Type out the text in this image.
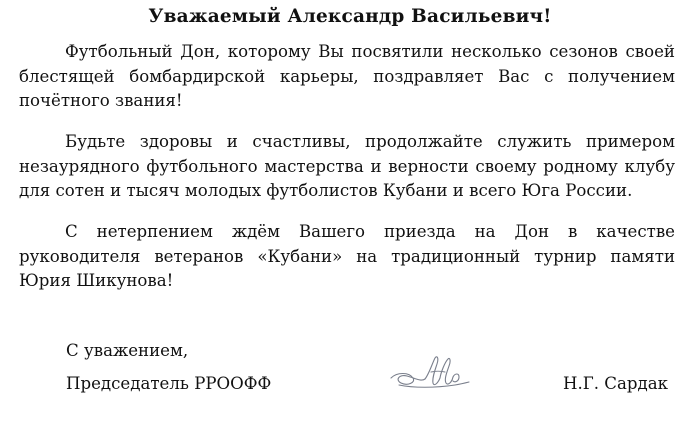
Уважаемый Александр Васильевич!

Футбольный Дон, которому Вы посвятили несколько сезонов своей блестящей бомбардирской карьеры, поздравляет Вас с получением почётного звания!

Будьте здоровы и счастливы, продолжайте служить примером незаурядного футбольного мастерства и верности своему родному клубу для сотен и тысяч молодых футболистов Кубани и всего Юга России.

С нетерпением ждём Вашего приезда на Дон в качестве руководителя ветеранов «Кубани» на традиционный турнир памяти Юрия Шикунова!

С уважением,

Председатель РРООФФ	Н.Г. Сардак
